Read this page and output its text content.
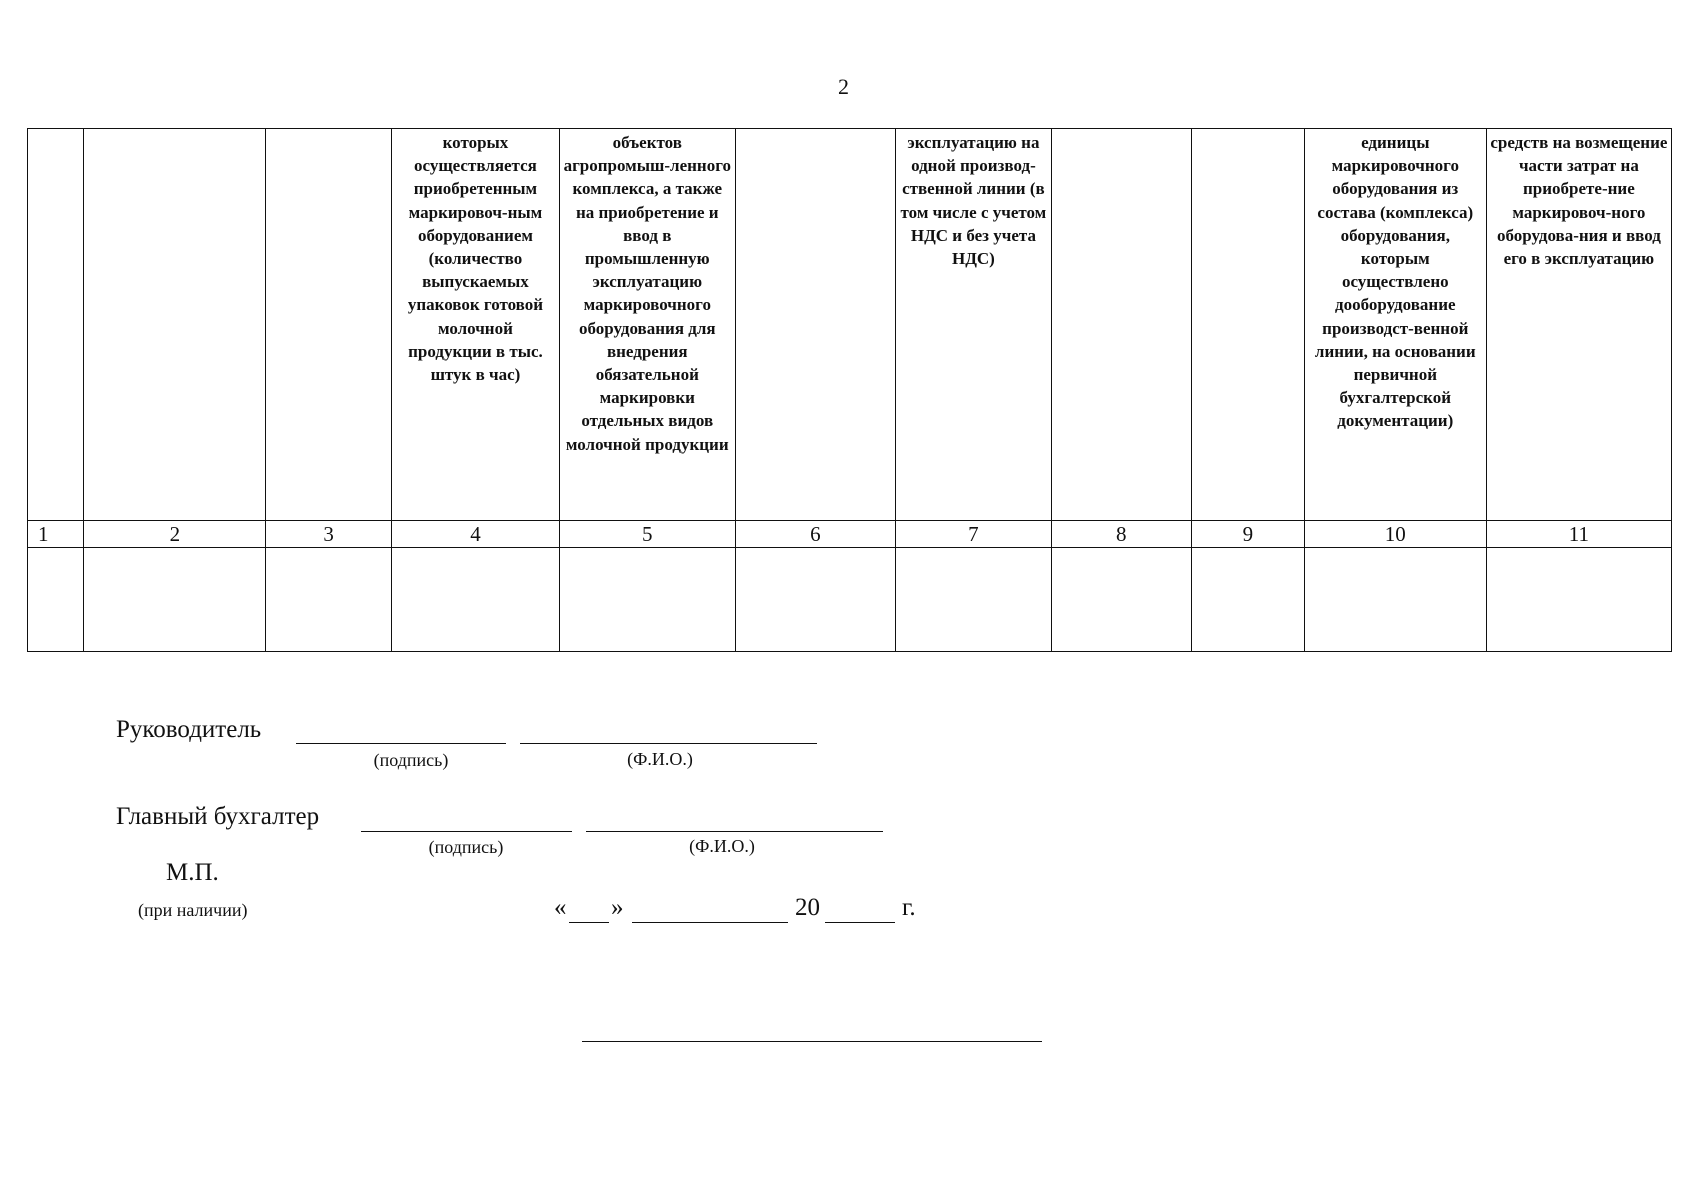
2

			которых осуществляется приобретенным маркировоч-ным оборудованием (количество выпускаемых упаковок готовой молочной продукции в тыс. штук в час)	объектов агропромыш-ленного комплекса, а также на приобретение и ввод в промышленную эксплуатацию маркировочного оборудования для внедрения обязательной маркировки отдельных видов молочной продукции		эксплуатацию на одной производ-ственной линии (в том числе с учетом НДС и без учета НДС)			единицы маркировочного оборудования из состава (комплекса) оборудования, которым осуществлено дооборудование производст-венной линии, на основании первичной бухгалтерской документации)	средств на возмещение части затрат на приобрете-ние маркировоч-ного оборудова-ния и ввод его в эксплуатацию

1	2	3	4	5	6	7	8	9	10	11

Руководитель
(подпись)	(Ф.И.О.)
Главный бухгалтер
(подпись)	(Ф.И.О.)
М.П.
(при наличии)	« »	20	г.
